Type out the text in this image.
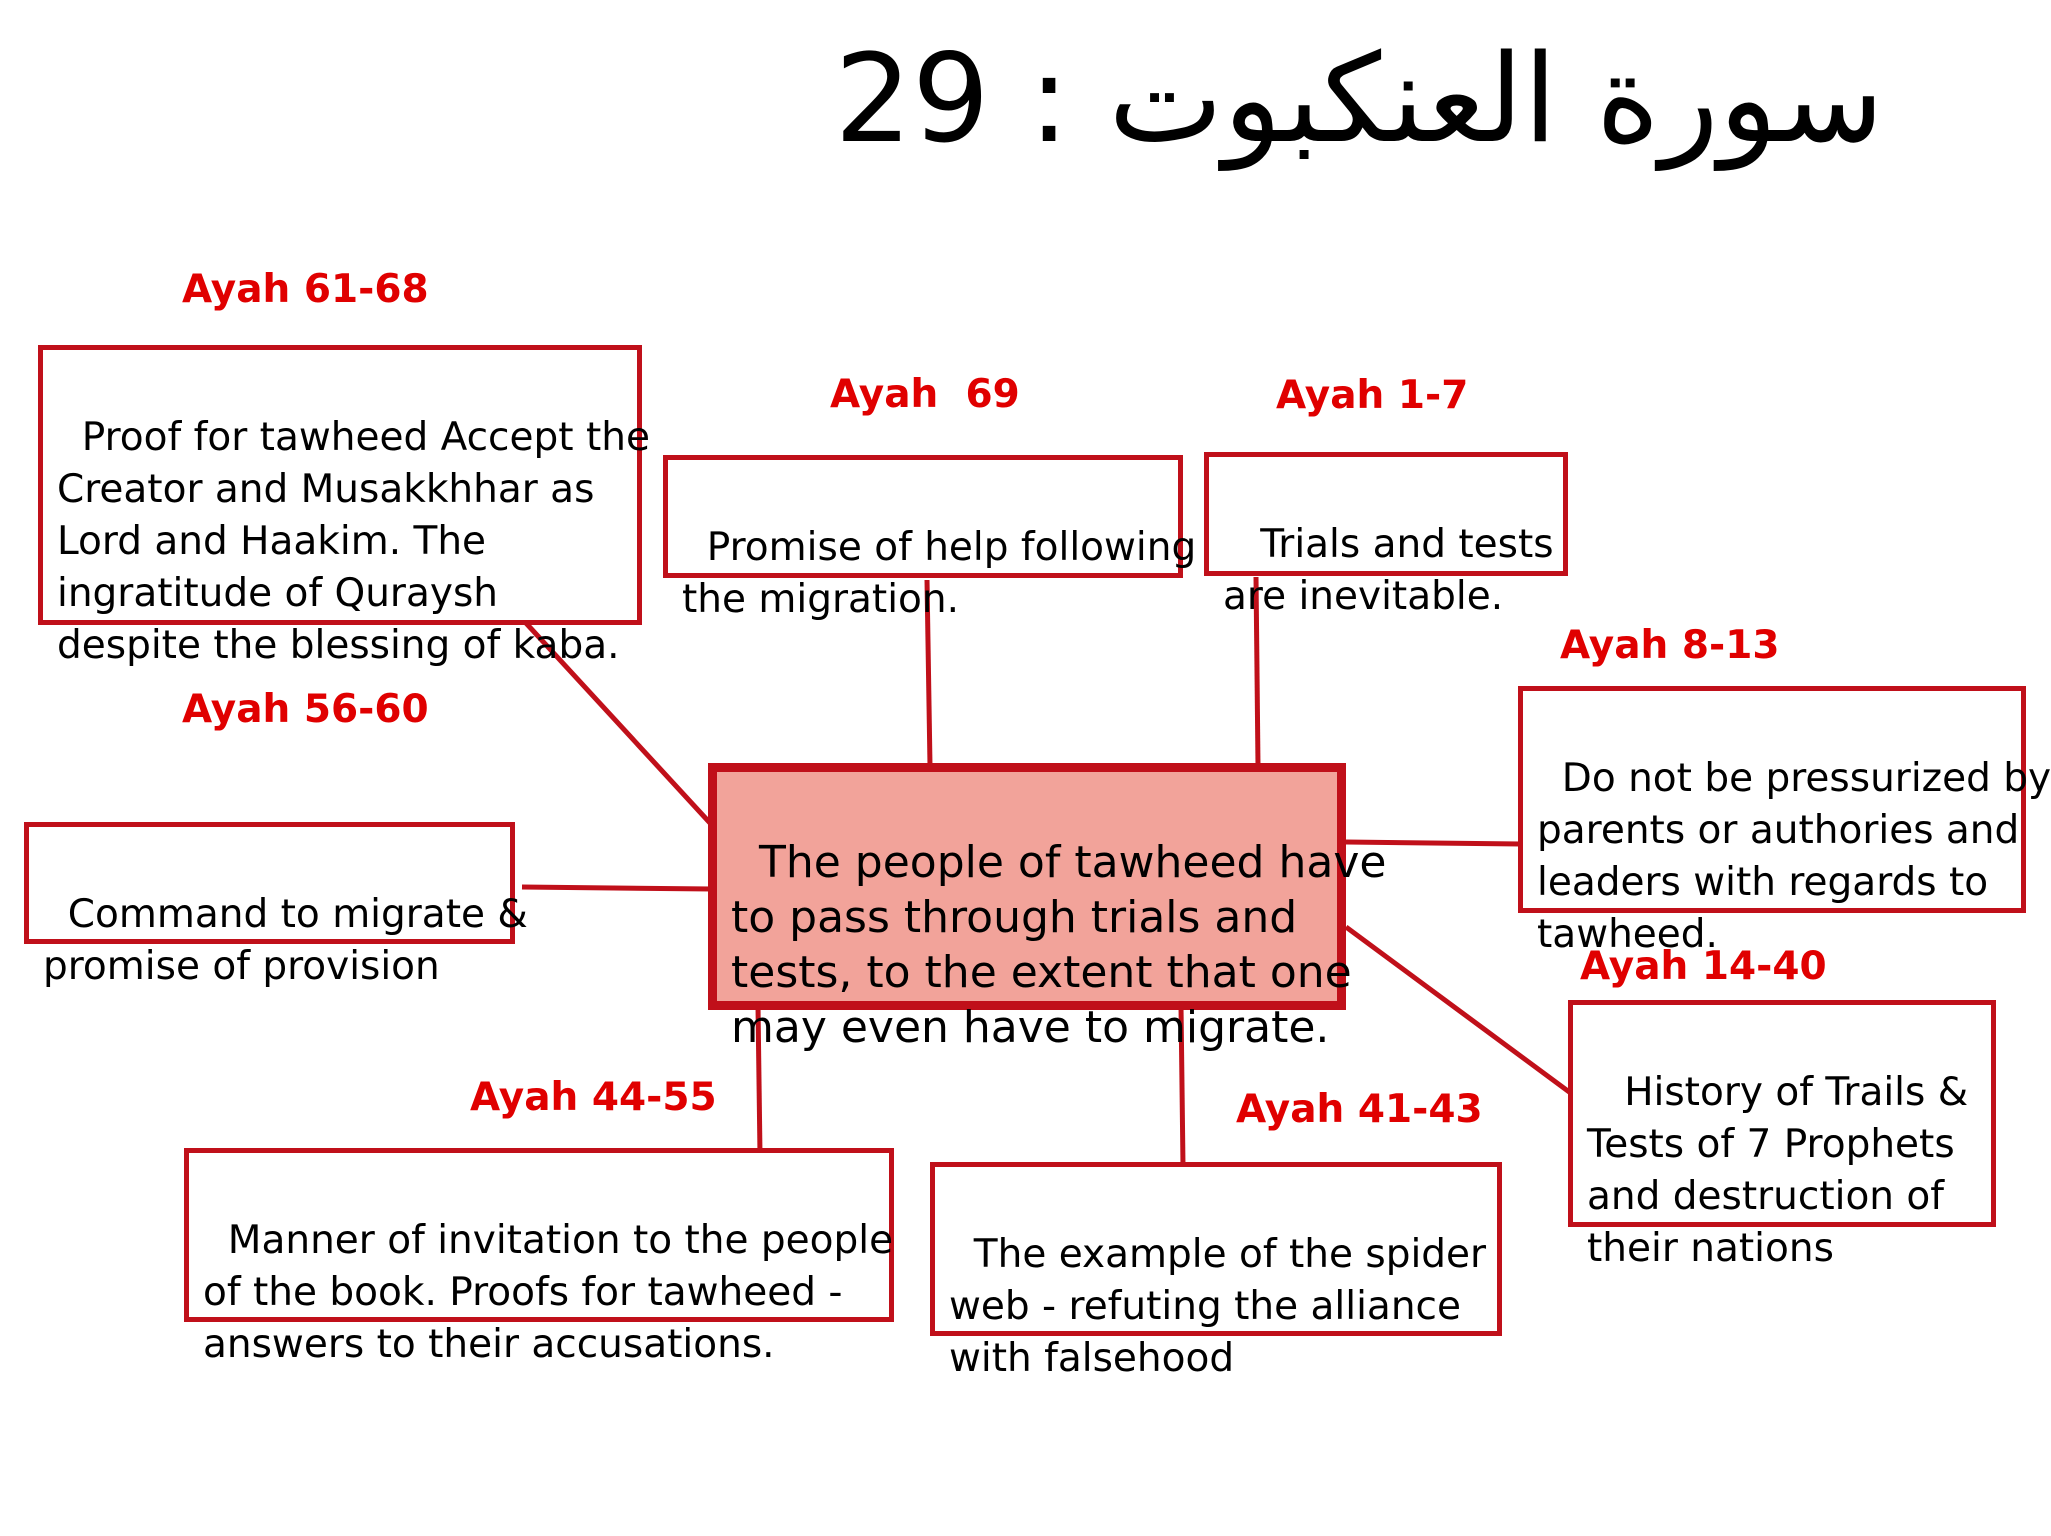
29 : سورة العنكبوت

The people of tawheed have
to pass through trials and
tests, to the extent that one
may even have to migrate.

Ayah 61-68

Proof for tawheed Accept the
Creator and Musakkhhar as
Lord and Haakim. The
ingratitude of Quraysh
despite the blessing of kaba.

Ayah  69

Promise of help following
the migration.

Ayah 1-7

Trials and tests
are inevitable.

Ayah 8-13

Do not be pressurized by
parents or authories and
leaders with regards to
tawheed.

Ayah 56-60

Command to migrate &
promise of provision	Ayah 14-40

History of Trails &
Tests of 7 Prophets
and destruction of
their nations

Ayah 44-55

Manner of invitation to the people
of the book. Proofs for tawheed -
answers to their accusations.

Ayah 41-43

The example of the spider
web - refuting the alliance
with falsehood
